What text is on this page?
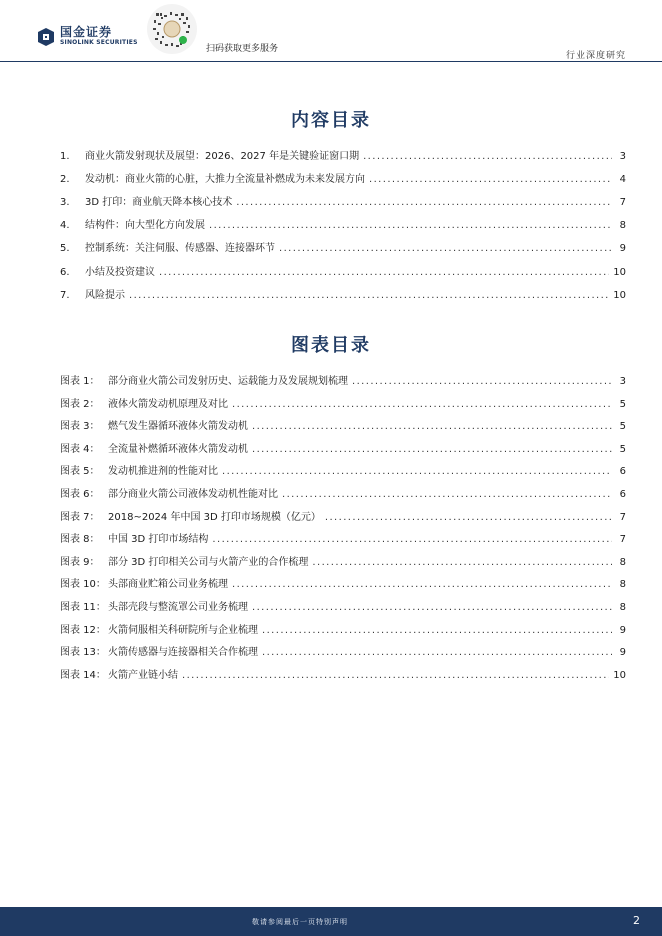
国金证券
SINOLINK SECURITIES
扫码获取更多服务
行业深度研究
内容目录
1. 商业火箭发射现状及展望：2026、2027 年是关键验证窗口期 .....	3
2. 发动机：商业火箭的心脏，大推力全流量补燃成为未来发展方向 .....	4
3. 3D 打印：商业航天降本核心技术 .....	7
4. 结构件：向大型化方向发展 .....	8
5. 控制系统：关注伺服、传感器、连接器环节 .....	9
6. 小结及投资建议 .....	10
7. 风险提示 .....	10
图表目录
图表 1： 部分商业火箭公司发射历史、运载能力及发展规划梳理 .....	3
图表 2： 液体火箭发动机原理及对比 .....	5
图表 3： 燃气发生器循环液体火箭发动机 .....	5
图表 4： 全流量补燃循环液体火箭发动机 .....	5
图表 5： 发动机推进剂的性能对比 .....	6
图表 6： 部分商业火箭公司液体发动机性能对比 .....	6
图表 7： 2018~2024 年中国 3D 打印市场规模（亿元） .....	7
图表 8： 中国 3D 打印市场结构 .....	7
图表 9： 部分 3D 打印相关公司与火箭产业的合作梳理 .....	8
图表 10： 头部商业贮箱公司业务梳理 .....	8
图表 11： 头部壳段与整流罩公司业务梳理 .....	8
图表 12： 火箭伺服相关科研院所与企业梳理 .....	9
图表 13： 火箭传感器与连接器相关合作梳理 .....	9
图表 14： 火箭产业链小结 .....	10
敬请参阅最后一页特别声明	2
